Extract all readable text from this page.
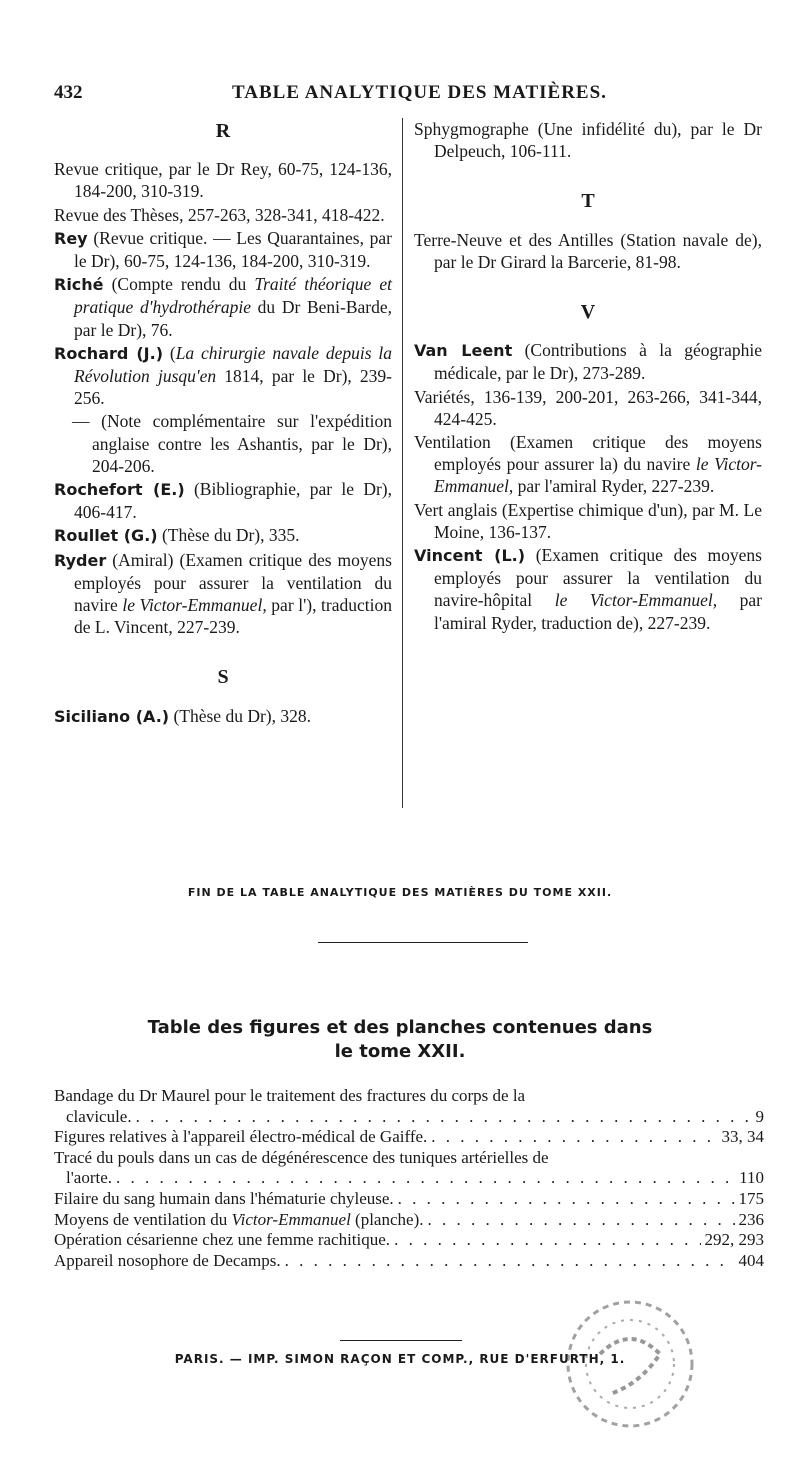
432	TABLE ANALYTIQUE DES MATIÈRES.
R
Revue critique, par le Dr Rey, 60-75, 124-136, 184-200, 310-319.
Revue des Thèses, 257-263, 328-341, 418-422.
Rey (Revue critique. — Les Quarantaines, par le Dr), 60-75, 124-136, 184-200, 310-319.
Riché (Compte rendu du Traité théorique et pratique d'hydrothérapie du Dr Beni-Barde, par le Dr), 76.
Rochard (J.) (La chirurgie navale depuis la Révolution jusqu'en 1814, par le Dr), 239-256.
— (Note complémentaire sur l'expédition anglaise contre les Ashantis, par le Dr), 204-206.
Rochefort (E.) (Bibliographie, par le Dr), 406-417.
Roullet (G.) (Thèse du Dr), 335.
Ryder (Amiral) (Examen critique des moyens employés pour assurer la ventilation du navire le Victor-Emmanuel, par l'), traduction de L. Vincent, 227-239.
S
Siciliano (A.) (Thèse du Dr), 328.
Sphygmographe (Une infidélité du), par le Dr Delpeuch, 106-111.
T
Terre-Neuve et des Antilles (Station navale de), par le Dr Girard la Barcerie, 81-98.
V
Van Leent (Contributions à la géographie médicale, par le Dr), 273-289.
Variétés, 136-139, 200-201, 263-266, 341-344, 424-425.
Ventilation (Examen critique des moyens employés pour assurer la) du navire le Victor-Emmanuel, par l'amiral Ryder, 227-239.
Vert anglais (Expertise chimique d'un), par M. Le Moine, 136-137.
Vincent (L.) (Examen critique des moyens employés pour assurer la ventilation du navire-hôpital le Victor-Emmanuel, par l'amiral Ryder, traduction de), 227-239.
FIN DE LA TABLE ANALYTIQUE DES MATIÈRES DU TOME XXII.
Table des figures et des planches contenues dans
le tome XXII.
Bandage du Dr Maurel pour le traitement des fractures du corps de la
clavicule. . . .	9
Figures relatives à l'appareil électro-médical de Gaiffe. . . .	33, 34
Tracé du pouls dans un cas de dégénérescence des tuniques artérielles de
l'aorte. . . .	110
Filaire du sang humain dans l'hématurie chyleuse. . . .	175
Moyens de ventilation du Victor-Emmanuel (planche). . . .	236
Opération césarienne chez une femme rachitique. . . .	292, 293
Appareil nosophore de Decamps. . . .	404
PARIS. — IMP. SIMON RAÇON ET COMP., RUE D'ERFURTH, 1.
